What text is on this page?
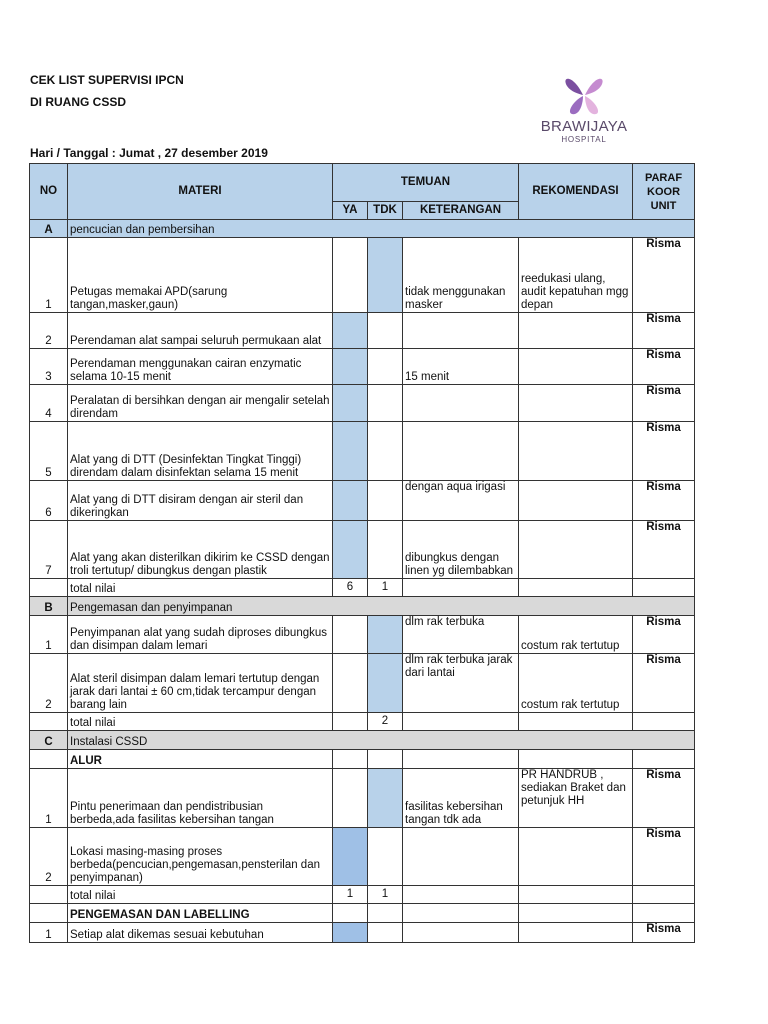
CEK LIST SUPERVISI IPCN
DI RUANG CSSD
Hari / Tanggal : Jumat , 27 desember 2019
BRAWIJAYA
HOSPITAL
NO	MATERI	TEMUAN			REKOMENDASI	PARAF KOOR UNIT
		YA	TDK	KETERANGAN		
A	pencucian dan pembersihan					
1	Petugas memakai APD(sarung tangan,masker,gaun)			tidak menggunakan masker	reedukasi ulang, audit kepatuhan mgg depan	Risma
2	Perendaman alat sampai seluruh permukaan alat					Risma
3	Perendaman menggunakan cairan enzymatic selama 10-15 menit			15 menit		Risma
4	Peralatan di bersihkan dengan air mengalir setelah direndam					Risma
5	Alat yang di DTT (Desinfektan Tingkat Tinggi) direndam dalam disinfektan selama 15 menit					Risma
6	Alat yang di DTT disiram dengan air steril dan dikeringkan			dengan aqua irigasi		Risma
7	Alat yang akan disterilkan dikirim ke CSSD dengan troli tertutup/ dibungkus dengan plastik			dibungkus dengan linen yg dilembabkan		Risma
	total nilai	6	1			
B	Pengemasan dan penyimpanan					
1	Penyimpanan alat yang sudah diproses dibungkus dan disimpan dalam lemari			dlm rak terbuka	costum rak tertutup	Risma
2	Alat steril disimpan dalam lemari tertutup dengan jarak dari lantai ± 60 cm,tidak tercampur dengan barang lain			dlm rak terbuka jarak dari lantai	costum rak tertutup	Risma
	total nilai		2			
C	Instalasi CSSD					
	ALUR					
1	Pintu penerimaan dan pendistribusian berbeda,ada fasilitas kebersihan tangan			fasilitas kebersihan tangan tdk ada	PR HANDRUB , sediakan Braket dan petunjuk HH	Risma
2	Lokasi masing-masing proses berbeda(pencucian,pengemasan,pensterilan dan penyimpanan)					Risma
	total nilai	1	1			
	PENGEMASAN DAN LABELLING					
1	Setiap alat dikemas sesuai kebutuhan					Risma
